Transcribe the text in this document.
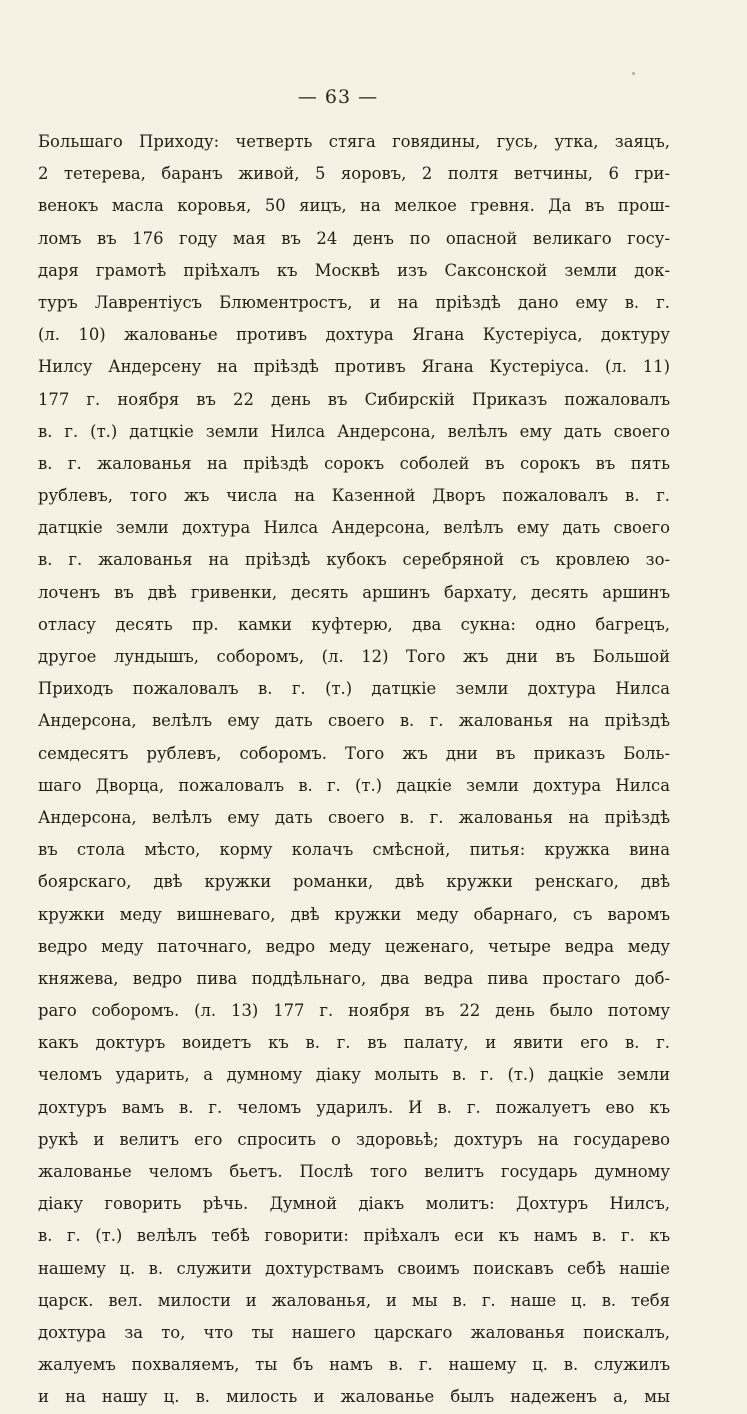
— 63 —
Большаго Приходу: четверть стяга говядины, гусь, утка, заяцъ,
2 тетерева, баранъ живой, 5 яоровъ, 2 полтя ветчины, 6 гри-
венокъ масла коровья, 50 яицъ, на мелкое гревня. Да въ прош-
ломъ въ 176 году мая въ 24 денъ по опасной великаго госу-
даря грамотѣ пріѣхалъ къ Москвѣ изъ Саксонской земли док-
туръ Лаврентіусъ Блюментростъ, и на пріѣздѣ дано ему в. г.
(л. 10) жалованье противъ дохтура Ягана Кустеріуса, доктуру
Нилсу Андерсену на пріѣздѣ противъ Ягана Кустеріуса. (л. 11)
177 г. ноября въ 22 день въ Сибирскій Приказъ пожаловалъ
в. г. (т.) датцкіе земли Нилса Андерсона, велѣлъ ему дать своего
в. г. жалованья на пріѣздѣ сорокъ соболей въ сорокъ въ пять
рублевъ, того жъ числа на Казенной Дворъ пожаловалъ в. г.
датцкіе земли дохтура Нилса Андерсона, велѣлъ ему дать своего
в. г. жалованья на пріѣздѣ кубокъ серебряной съ кровлею зо-
лоченъ въ двѣ гривенки, десять аршинъ бархату, десять аршинъ
отласу десять пр. камки куфтерю, два сукна: одно багрецъ,
другое лундышъ, соборомъ, (л. 12) Того жъ дни въ Большой
Приходъ пожаловалъ в. г. (т.) датцкіе земли дохтура Нилса
Андерсона, велѣлъ ему дать своего в. г. жалованья на пріѣздѣ
семдесятъ рублевъ, соборомъ. Того жъ дни въ приказъ Боль-
шаго Дворца, пожаловалъ в. г. (т.) дацкіе земли дохтура Нилса
Андерсона, велѣлъ ему дать своего в. г. жалованья на пріѣздѣ
въ стола мѣсто, корму колачъ смѣсной, питья: кружка вина
боярскаго, двѣ кружки романки, двѣ кружки ренскаго, двѣ
кружки меду вишневаго, двѣ кружки меду обарнаго, съ варомъ
ведро меду паточнаго, ведро меду цеженаго, четыре ведра меду
княжева, ведро пива поддѣльнаго, два ведра пива простаго доб-
раго соборомъ. (л. 13) 177 г. ноября въ 22 день было потому
какъ доктуръ воидетъ къ в. г. въ палату, и явити его в. г.
челомъ ударить, а думному діаку молыть в. г. (т.) дацкіе земли
дохтуръ вамъ в. г. челомъ ударилъ. И в. г. пожалуетъ ево къ
рукѣ и велитъ его спросить о здоровьѣ; дохтуръ на государево
жалованье челомъ бьетъ. Послѣ того велитъ государь думному
діаку говорить рѣчь. Думной діакъ молитъ: Дохтуръ Нилсъ,
в. г. (т.) велѣлъ тебѣ говорити: пріѣхалъ еси къ намъ в. г. къ
нашему ц. в. служити дохтурствамъ своимъ поискавъ себѣ нашіе
царск. вел. милости и жалованья, и мы в. г. наше ц. в. тебя
дохтура за то, что ты нашего царскаго жалованья поискалъ,
жалуемъ похваляемъ, ты бъ намъ в. г. нашему ц. в. служилъ
и на нашу ц. в. милость и жалованье былъ надеженъ а, мы
